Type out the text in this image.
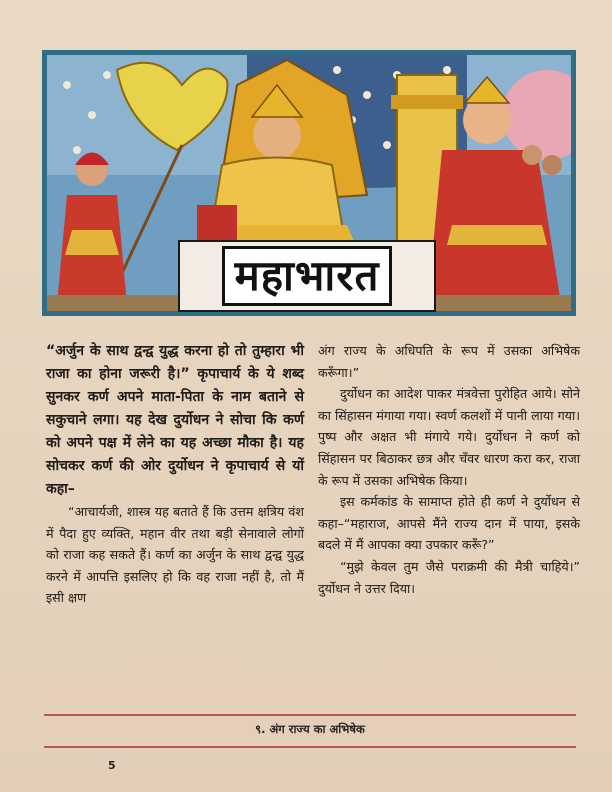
महाभारत

“अर्जुन के साथ द्वन्द्व युद्ध करना हो तो तुम्हारा भी राजा का होना जरूरी है।” कृपाचार्य के ये शब्द सुनकर कर्ण अपने माता-पिता के नाम बताने से सकुचाने लगा। यह देख दुर्योधन ने सोचा कि कर्ण को अपने पक्ष में लेने का यह अच्छा मौका है। यह सोचकर कर्ण की ओर दुर्योधन ने कृपाचार्य से यों कहा–

“आचार्यजी, शास्त्र यह बताते हैं कि उत्तम क्षत्रिय वंश में पैदा हुए व्यक्ति, महान वीर तथा बड़ी सेनावाले लोगों को राजा कह सकते हैं। कर्ण का अर्जुन के साथ द्वन्द्व युद्ध करने में आपत्ति इसलिए हो कि वह राजा नहीं है, तो मैं इसी क्षण

अंग राज्य के अधिपति के रूप में उसका अभिषेक करूँगा।”

दुर्योधन का आदेश पाकर मंत्रवेत्ता पुरोहित आये। सोने का सिंहासन मंगाया गया। स्वर्ण कलशों में पानी लाया गया। पुष्प और अक्षत भी मंगाये गये। दुर्योधन ने कर्ण को सिंहासन पर बिठाकर छत्र और चँवर धारण करा कर, राजा के रूप में उसका अभिषेक किया।

इस कर्मकांड के सामाप्त होते ही कर्ण ने दुर्योधन से कहा–“महाराज, आपसे मैंने राज्य दान में पाया, इसके बदले में मैं आपका क्या उपकार करूँ?”

“मुझे केवल तुम जैसे पराक्रमी की मैत्री चाहिये।” दुर्योधन ने उत्तर दिया।

९. अंग राज्य का अभिषेक
5
